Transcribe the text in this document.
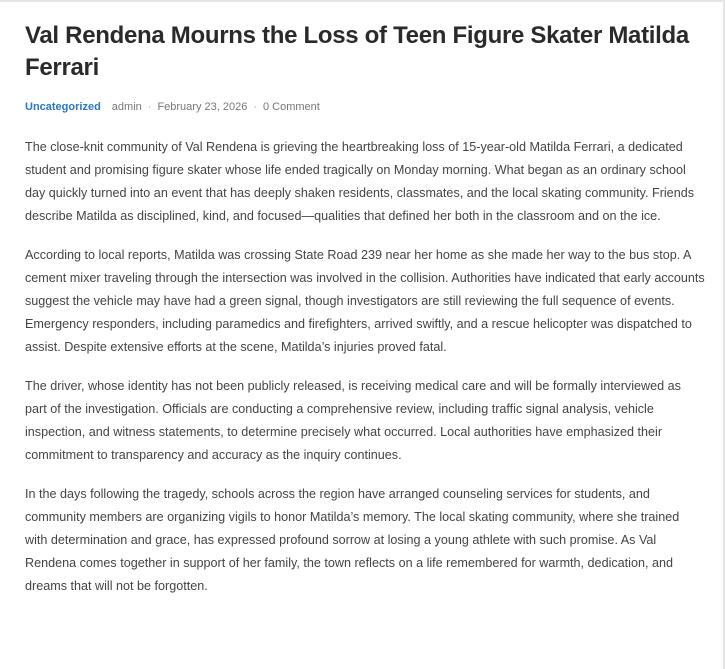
Val Rendena Mourns the Loss of Teen Figure Skater Matilda Ferrari
Uncategorized admin · February 23, 2026 · 0 Comment

The close-knit community of Val Rendena is grieving the heartbreaking loss of 15-year-old Matilda Ferrari, a dedicated student and promising figure skater whose life ended tragically on Monday morning. What began as an ordinary school day quickly turned into an event that has deeply shaken residents, classmates, and the local skating community. Friends describe Matilda as disciplined, kind, and focused—qualities that defined her both in the classroom and on the ice.

According to local reports, Matilda was crossing State Road 239 near her home as she made her way to the bus stop. A cement mixer traveling through the intersection was involved in the collision. Authorities have indicated that early accounts suggest the vehicle may have had a green signal, though investigators are still reviewing the full sequence of events. Emergency responders, including paramedics and firefighters, arrived swiftly, and a rescue helicopter was dispatched to assist. Despite extensive efforts at the scene, Matilda’s injuries proved fatal.

The driver, whose identity has not been publicly released, is receiving medical care and will be formally interviewed as part of the investigation. Officials are conducting a comprehensive review, including traffic signal analysis, vehicle inspection, and witness statements, to determine precisely what occurred. Local authorities have emphasized their commitment to transparency and accuracy as the inquiry continues.

In the days following the tragedy, schools across the region have arranged counseling services for students, and community members are organizing vigils to honor Matilda’s memory. The local skating community, where she trained with determination and grace, has expressed profound sorrow at losing a young athlete with such promise. As Val Rendena comes together in support of her family, the town reflects on a life remembered for warmth, dedication, and dreams that will not be forgotten.
